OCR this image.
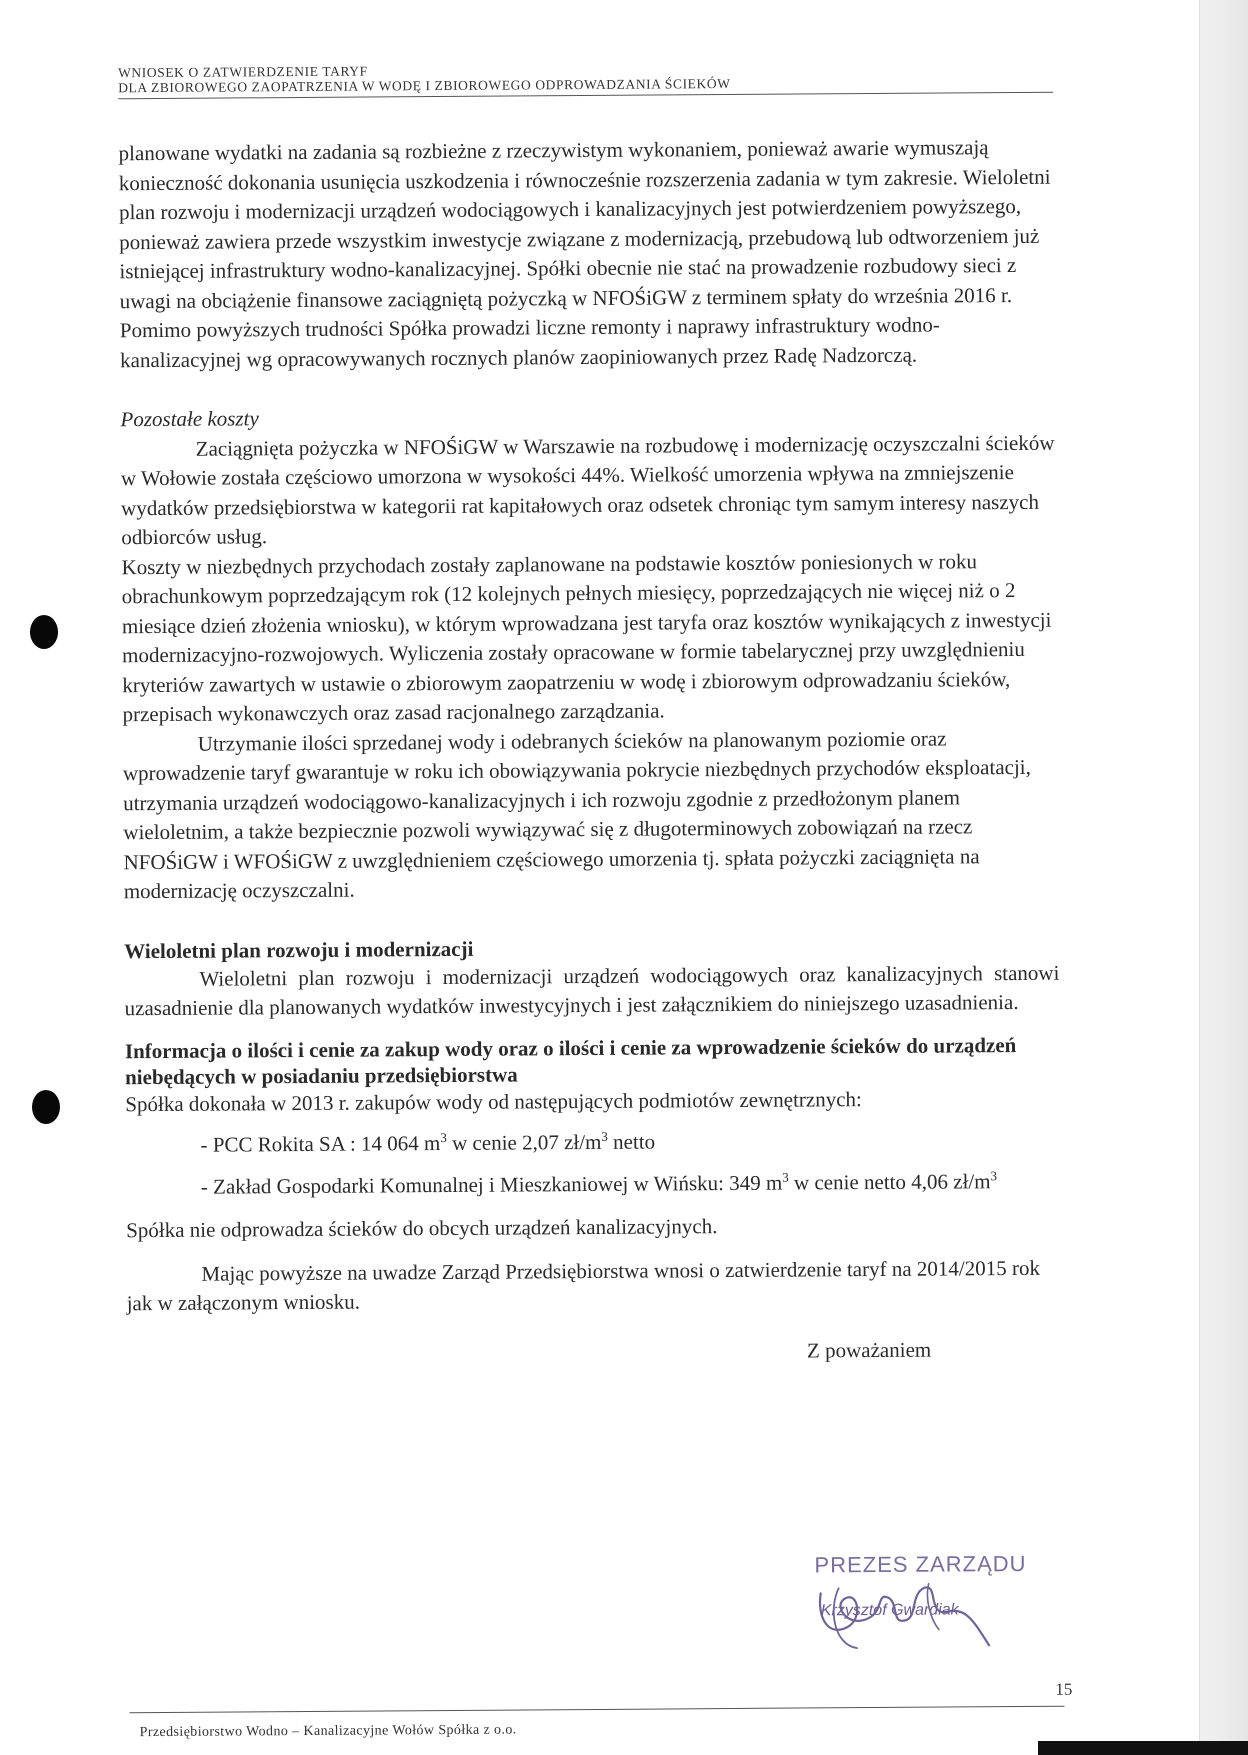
WNIOSEK O ZATWIERDZENIE TARYF
DLA ZBIOROWEGO ZAOPATRZENIA W WODĘ I ZBIOROWEGO ODPROWADZANIA ŚCIEKÓW

planowane wydatki na zadania są rozbieżne z rzeczywistym wykonaniem, ponieważ awarie wymuszają konieczność dokonania usunięcia uszkodzenia i równocześnie rozszerzenia zadania w tym zakresie. Wieloletni plan rozwoju i modernizacji urządzeń wodociągowych i kanalizacyjnych jest potwierdzeniem powyższego, ponieważ zawiera przede wszystkim inwestycje związane z modernizacją, przebudową lub odtworzeniem już istniejącej infrastruktury wodno-kanalizacyjnej. Spółki obecnie nie stać na prowadzenie rozbudowy sieci z uwagi na obciążenie finansowe zaciągniętą pożyczką w NFOŚiGW z terminem spłaty do września 2016 r. Pomimo powyższych trudności Spółka prowadzi liczne remonty i naprawy infrastruktury wodno-kanalizacyjnej wg opracowywanych rocznych planów zaopiniowanych przez Radę Nadzorczą.

Pozostałe koszty

Zaciągnięta pożyczka w NFOŚiGW w Warszawie na rozbudowę i modernizację oczyszczalni ścieków w Wołowie została częściowo umorzona w wysokości 44%. Wielkość umorzenia wpływa na zmniejszenie wydatków przedsiębiorstwa w kategorii rat kapitałowych oraz odsetek chroniąc tym samym interesy naszych odbiorców usług.

Koszty w niezbędnych przychodach zostały zaplanowane na podstawie kosztów poniesionych w roku obrachunkowym poprzedzającym rok (12 kolejnych pełnych miesięcy, poprzedzających nie więcej niż o 2 miesiące dzień złożenia wniosku), w którym wprowadzana jest taryfa oraz kosztów wynikających z inwestycji modernizacyjno-rozwojowych. Wyliczenia zostały opracowane w formie tabelarycznej przy uwzględnieniu kryteriów zawartych w ustawie o zbiorowym zaopatrzeniu w wodę i zbiorowym odprowadzaniu ścieków, przepisach wykonawczych oraz zasad racjonalnego zarządzania.

Utrzymanie ilości sprzedanej wody i odebranych ścieków na planowanym poziomie oraz wprowadzenie taryf gwarantuje w roku ich obowiązywania pokrycie niezbędnych przychodów eksploatacji, utrzymania urządzeń wodociągowo-kanalizacyjnych i ich rozwoju zgodnie z przedłożonym planem wieloletnim, a także bezpiecznie pozwoli wywiązywać się z długoterminowych zobowiązań na rzecz NFOŚiGW i WFOŚiGW z uwzględnieniem częściowego umorzenia tj. spłata pożyczki zaciągnięta na modernizację oczyszczalni.

Wieloletni plan rozwoju i modernizacji

Wieloletni plan rozwoju i modernizacji urządzeń wodociągowych oraz kanalizacyjnych stanowi uzasadnienie dla planowanych wydatków inwestycyjnych i jest załącznikiem do niniejszego uzasadnienia.

Informacja o ilości i cenie za zakup wody oraz o ilości i cenie za wprowadzenie ścieków do urządzeń niebędących w posiadaniu przedsiębiorstwa

Spółka dokonała w 2013 r. zakupów wody od następujących podmiotów zewnętrznych:

- PCC Rokita SA : 14 064 $m^3$ w cenie 2,07 $zł/m^3$ netto

- Zakład Gospodarki Komunalnej i Mieszkaniowej w Wińsku: 349 $m^3$ w cenie netto 4,06 $zł/m^3$

Spółka nie odprowadza ścieków do obcych urządzeń kanalizacyjnych.

Mając powyższe na uwadze Zarząd Przedsiębiorstwa wnosi o zatwierdzenie taryf na 2014/2015 rok jak w załączonym wniosku.

Z poważaniem

PREZES ZARZĄDU
Krzysztof Gwardiak
15
Przedsiębiorstwo Wodno – Kanalizacyjne Wołów Spółka z o.o.
